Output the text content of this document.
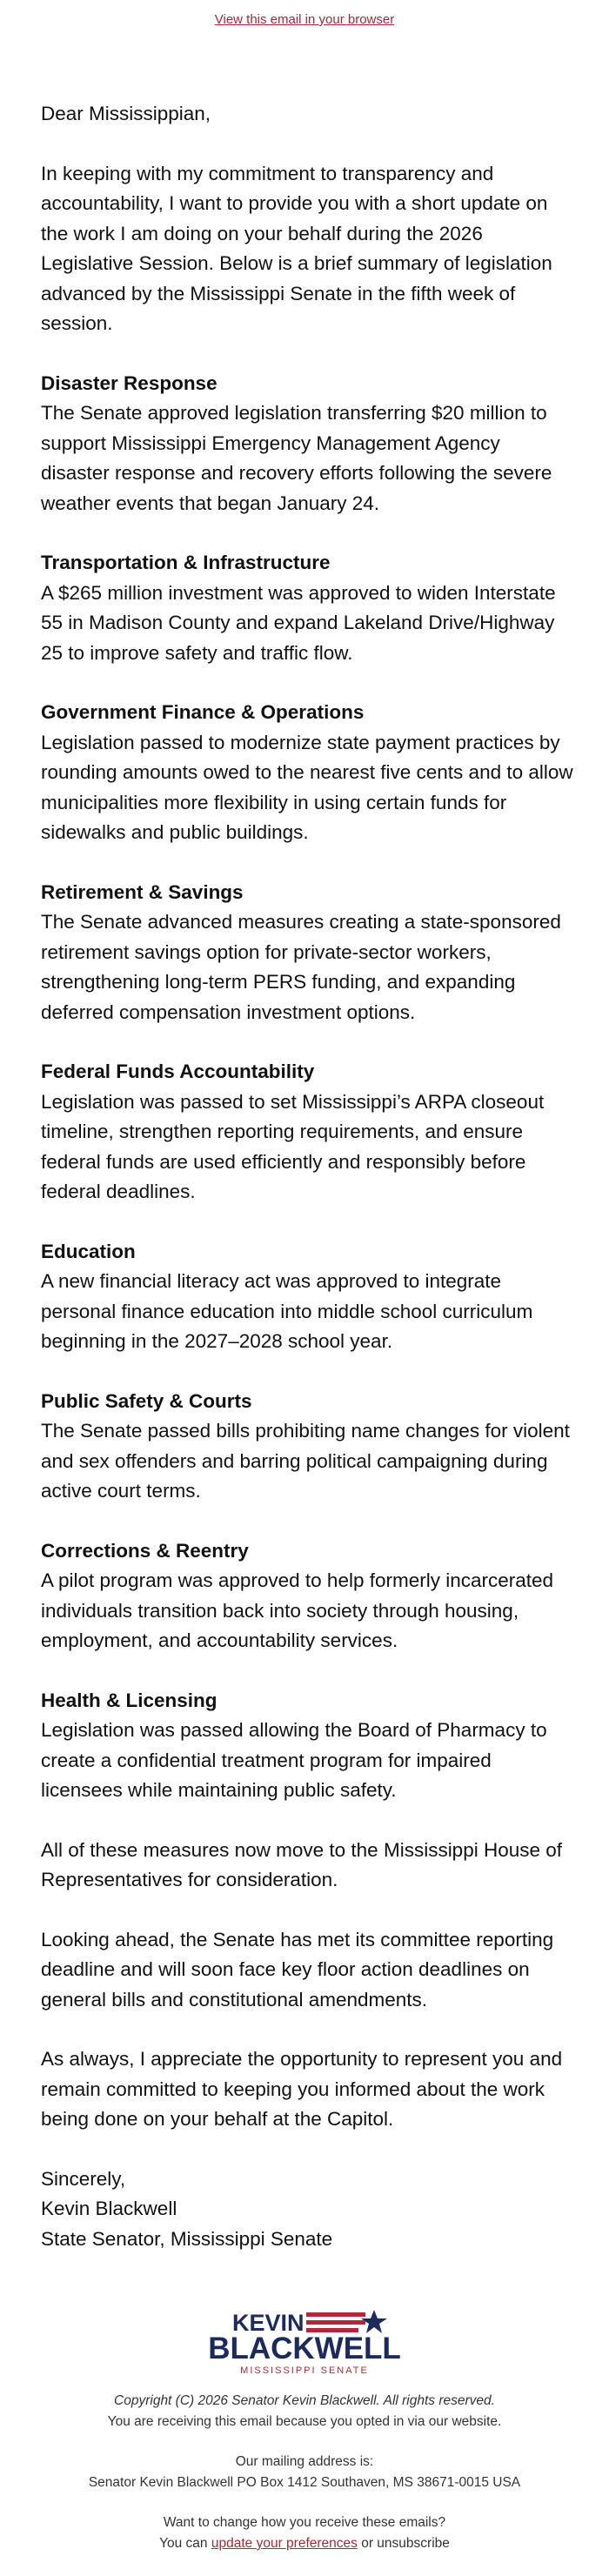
View this email in your browser

Dear Mississippian,

In keeping with my commitment to transparency and accountability, I want to provide you with a short update on the work I am doing on your behalf during the 2026 Legislative Session. Below is a brief summary of legislation advanced by the Mississippi Senate in the fifth week of session.

Disaster Response
The Senate approved legislation transferring $20 million to support Mississippi Emergency Management Agency disaster response and recovery efforts following the severe weather events that began January 24.
Transportation & Infrastructure
A $265 million investment was approved to widen Interstate 55 in Madison County and expand Lakeland Drive/Highway 25 to improve safety and traffic flow.
Government Finance & Operations
Legislation passed to modernize state payment practices by rounding amounts owed to the nearest five cents and to allow municipalities more flexibility in using certain funds for sidewalks and public buildings.
Retirement & Savings
The Senate advanced measures creating a state-sponsored retirement savings option for private-sector workers, strengthening long-term PERS funding, and expanding deferred compensation investment options.
Federal Funds Accountability
Legislation was passed to set Mississippi’s ARPA closeout timeline, strengthen reporting requirements, and ensure federal funds are used efficiently and responsibly before federal deadlines.
Education
A new financial literacy act was approved to integrate personal finance education into middle school curriculum beginning in the 2027–2028 school year.
Public Safety & Courts
The Senate passed bills prohibiting name changes for violent and sex offenders and barring political campaigning during active court terms.
Corrections & Reentry
A pilot program was approved to help formerly incarcerated individuals transition back into society through housing, employment, and accountability services.
Health & Licensing
Legislation was passed allowing the Board of Pharmacy to create a confidential treatment program for impaired licensees while maintaining public safety.

All of these measures now move to the Mississippi House of Representatives for consideration.

Looking ahead, the Senate has met its committee reporting deadline and will soon face key floor action deadlines on general bills and constitutional amendments.

As always, I appreciate the opportunity to represent you and remain committed to keeping you informed about the work being done on your behalf at the Capitol.

Sincerely,
Kevin Blackwell
State Senator, Mississippi Senate
KEVIN
BLACKWELL
MISSISSIPPI SENATE
Copyright (C) 2026 Senator Kevin Blackwell. All rights reserved.
You are receiving this email because you opted in via our website.
Our mailing address is:
Senator Kevin Blackwell PO Box 1412 Southaven, MS 38671-0015 USA
Want to change how you receive these emails?
You can update your preferences or unsubscribe
